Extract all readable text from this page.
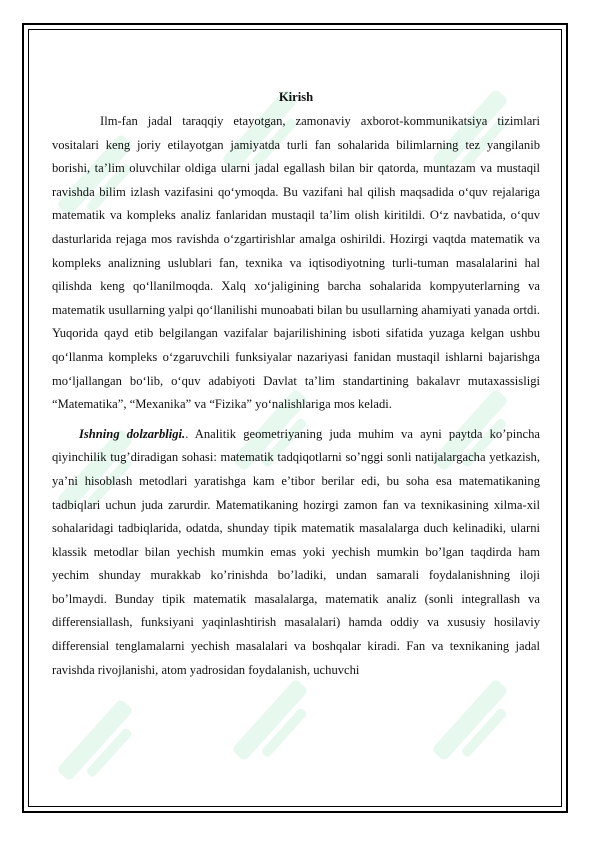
Kirish

Ilm-fan jadal taraqqiy etayotgan, zamonaviy axborot-kommunikatsiya tizimlari vositalari keng joriy etilayotgan jamiyatda turli fan sohalarida bilimlarning tez yangilanib borishi, ta’lim oluvchilar oldiga ularni jadal egallash bilan bir qatorda, muntazam va mustaqil ravishda bilim izlash vazifasini qo‘ymoqda. Bu vazifani hal qilish maqsadida o‘quv rejalariga matematik va kompleks analiz fanlaridan mustaqil ta’lim olish kiritildi. O‘z navbatida, o‘quv dasturlarida rejaga mos ravishda o‘zgartirishlar amalga oshirildi. Hozirgi vaqtda matematik va kompleks analizning uslublari fan, texnika va iqtisodiyotning turli-tuman masalalarini hal qilishda keng qo‘llanilmoqda. Xalq xo‘jaligining barcha sohalarida kompyuterlarning va matematik usullarning yalpi qo‘llanilishi munoabati bilan bu usullarning ahamiyati yanada ortdi. Yuqorida qayd etib belgilangan vazifalar bajarilishining isboti sifatida yuzaga kelgan ushbu qo‘llanma kompleks o‘zgaruvchili funksiyalar nazariyasi fanidan mustaqil ishlarni bajarishga mo‘ljallangan bo‘lib, o‘quv adabiyoti Davlat ta’lim standartining bakalavr mutaxassisligi “Matematika”, “Mexanika” va “Fizika” yo‘nalishlariga mos keladi.

Ishning dolzarbligi.. Analitik geometriyaning juda muhim va ayni paytda ko’pincha qiyinchilik tug’diradigan sohasi: matematik tadqiqotlarni so’nggi sonli natijalargacha yetkazish, ya’ni hisoblash metodlari yaratishga kam e’tibor berilar edi, bu soha esa matematikaning tadbiqlari uchun juda zarurdir. Matematikaning hozirgi zamon fan va texnikasining xilma-xil sohalaridagi tadbiqlarida, odatda, shunday tipik matematik masalalarga duch kelinadiki, ularni klassik metodlar bilan yechish mumkin emas yoki yechish mumkin bo’lgan taqdirda ham yechim shunday murakkab ko’rinishda bo’ladiki, undan samarali foydalanishning iloji bo’lmaydi. Bunday tipik matematik masalalarga, matematik analiz (sonli integrallash va differensiallash, funksiyani yaqinlashtirish masalalari) hamda oddiy va xususiy hosilaviy differensial tenglamalarni yechish masalalari va boshqalar kiradi. Fan va texnikaning jadal ravishda rivojlanishi, atom yadrosidan foydalanish, uchuvchi
